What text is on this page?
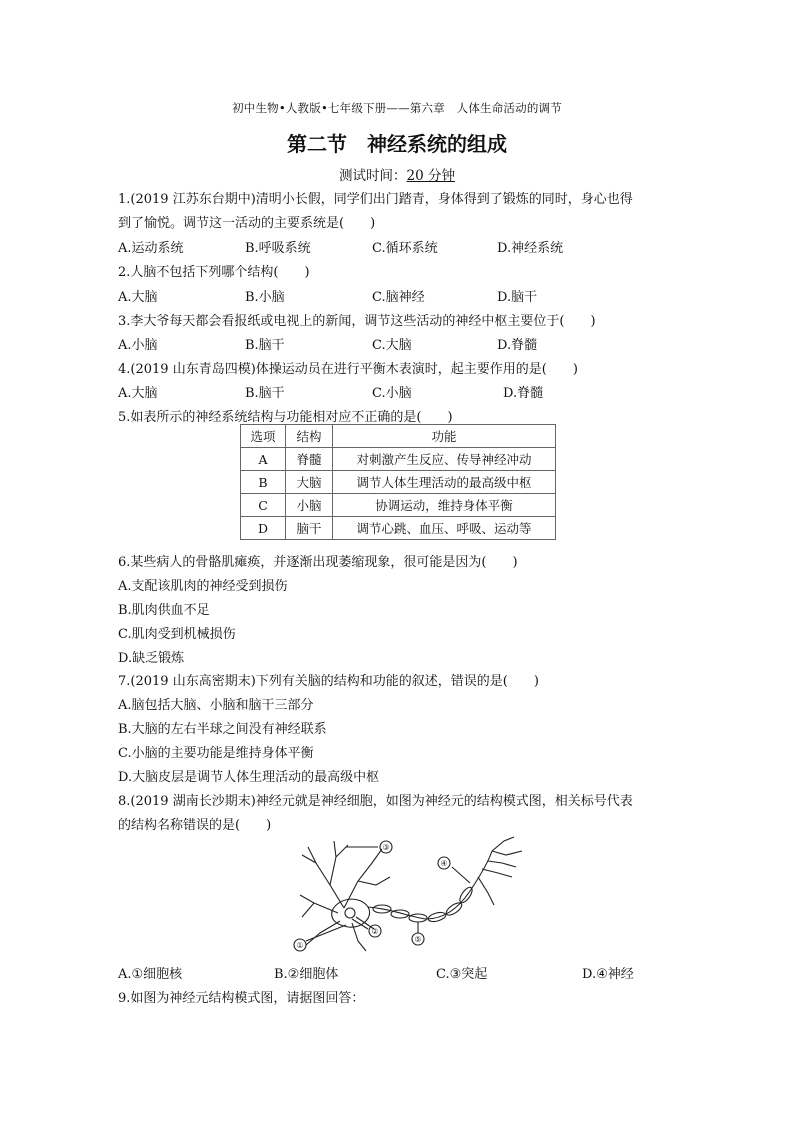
初中生物•人教版•七年级下册——第六章　人体生命活动的调节
第二节　神经系统的组成
测试时间：20 分钟
1.(2019 江苏东台期中)清明小长假，同学们出门踏青，身体得到了锻炼的同时，身心也得
到了愉悦。调节这一活动的主要系统是(　　)
A.运动系统	B.呼吸系统	C.循环系统	D.神经系统
2.人脑不包括下列哪个结构(　　)
A.大脑	B.小脑	C.脑神经	D.脑干
3.李大爷每天都会看报纸或电视上的新闻，调节这些活动的神经中枢主要位于(　　)
A.小脑	B.脑干	C.大脑	D.脊髓
4.(2019 山东青岛四模)体操运动员在进行平衡木表演时，起主要作用的是(　　)
A.大脑	B.脑干	C.小脑	D.脊髓
5.如表所示的神经系统结构与功能相对应不正确的是(　　)
选项	结构	功能
A	脊髓	对刺激产生反应、传导神经冲动
B	大脑	调节人体生理活动的最高级中枢
C	小脑	协调运动，维持身体平衡
D	脑干	调节心跳、血压、呼吸、运动等
6.某些病人的骨骼肌瘫痪，并逐渐出现萎缩现象，很可能是因为(　　)
A.支配该肌肉的神经受到损伤
B.肌肉供血不足
C.肌肉受到机械损伤
D.缺乏锻炼
7.(2019 山东高密期末)下列有关脑的结构和功能的叙述，错误的是(　　)
A.脑包括大脑、小脑和脑干三部分
B.大脑的左右半球之间没有神经联系
C.小脑的主要功能是维持身体平衡
D.大脑皮层是调节人体生理活动的最高级中枢
8.(2019 湖南长沙期末)神经元就是神经细胞，如图为神经元的结构模式图，相关标号代表
的结构名称错误的是(　　)
③
④
②
①
⑤
A.①细胞核	B.②细胞体	C.③突起	D.④神经
9.如图为神经元结构模式图，请据图回答：
